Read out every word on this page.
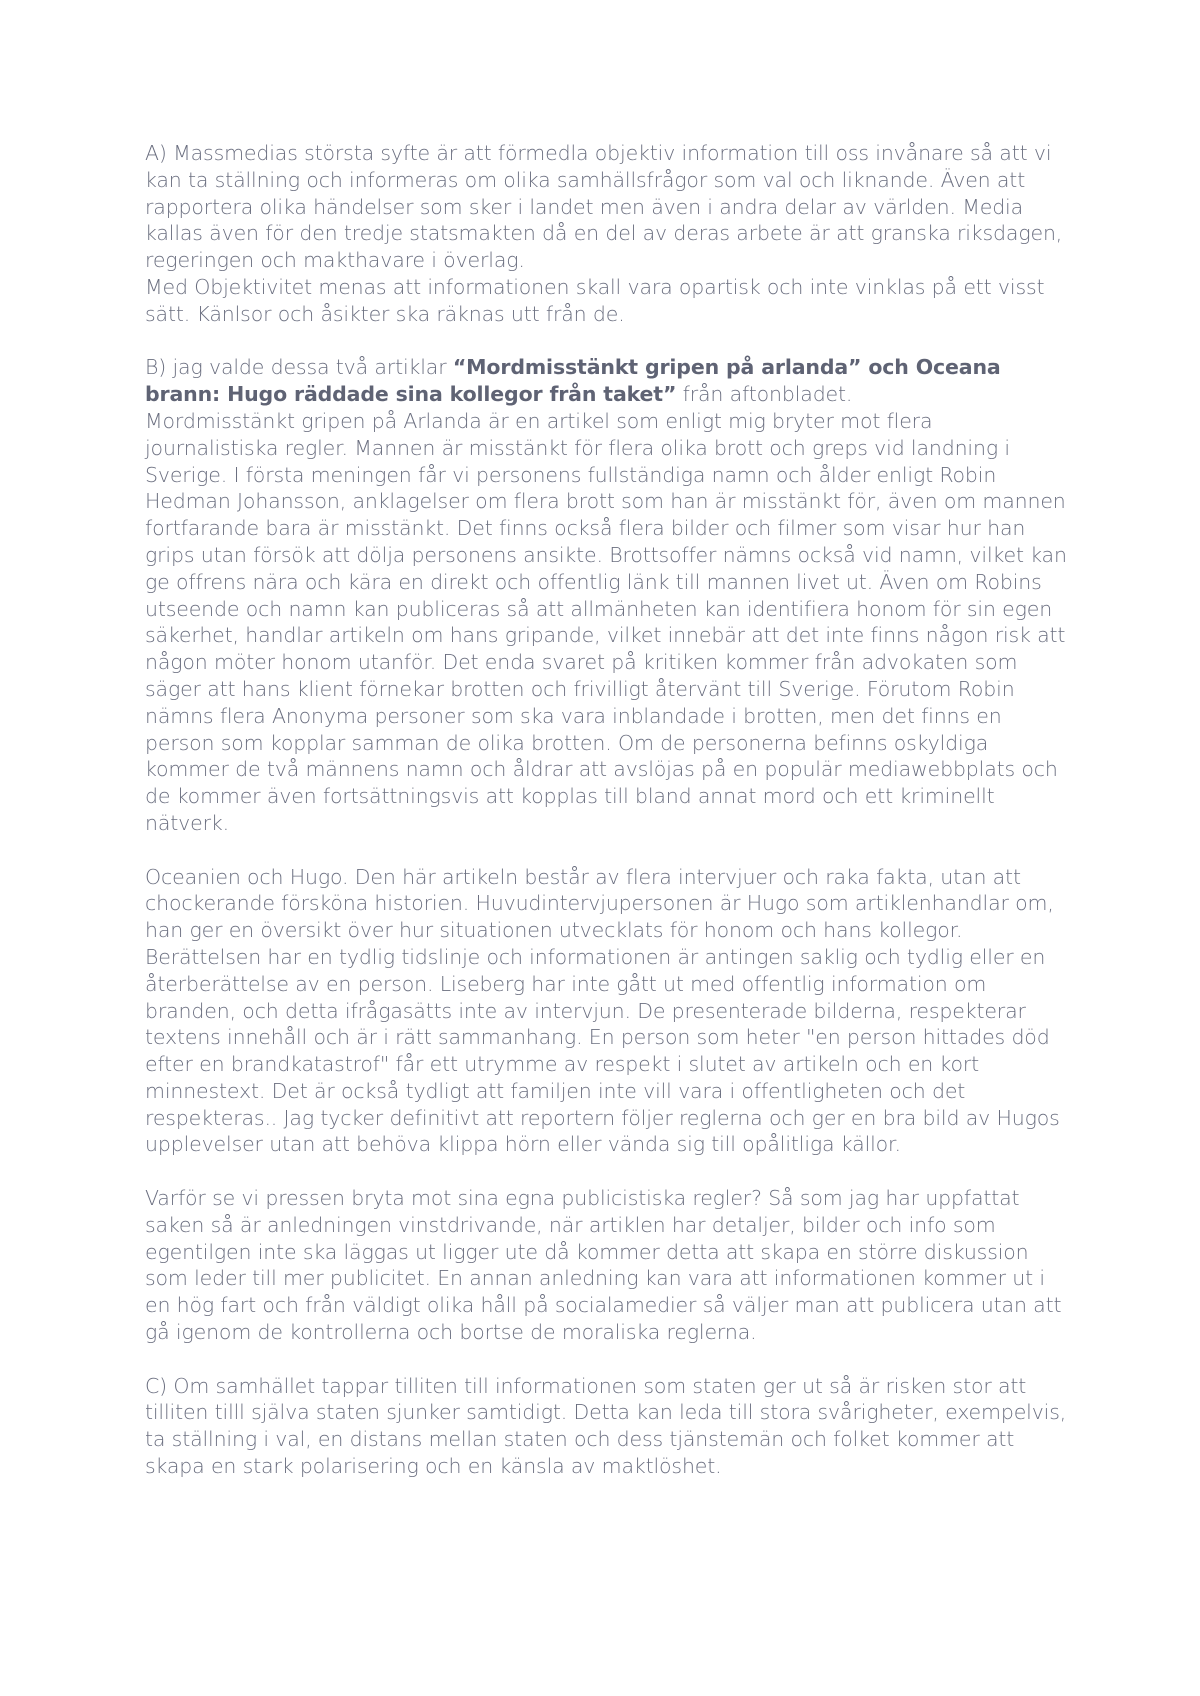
A) Massmedias största syfte är att förmedla objektiv information till oss invånare så att vi kan ta ställning och informeras om olika samhällsfrågor som val och liknande. Även att rapportera olika händelser som sker i landet men även i andra delar av världen. Media kallas även för den tredje statsmakten då en del av deras arbete är att granska riksdagen, regeringen och makthavare i överlag.

Med Objektivitet menas att informationen skall vara opartisk och inte vinklas på ett visst sätt. Känlsor och åsikter ska räknas utt från de.

B) jag valde dessa två artiklar “Mordmisstänkt gripen på arlanda” och Oceana brann: Hugo räddade sina kollegor från taket” från aftonbladet.

Mordmisstänkt gripen på Arlanda är en artikel som enligt mig bryter mot flera journalistiska regler. Mannen är misstänkt för flera olika brott och greps vid landning i Sverige. I första meningen får vi personens fullständiga namn och ålder enligt Robin Hedman Johansson, anklagelser om flera brott som han är misstänkt för, även om mannen fortfarande bara är misstänkt. Det finns också flera bilder och filmer som visar hur han grips utan försök att dölja personens ansikte. Brottsoffer nämns också vid namn, vilket kan ge offrens nära och kära en direkt och offentlig länk till mannen livet ut. Även om Robins utseende och namn kan publiceras så att allmänheten kan identifiera honom för sin egen säkerhet, handlar artikeln om hans gripande, vilket innebär att det inte finns någon risk att någon möter honom utanför. Det enda svaret på kritiken kommer från advokaten som säger att hans klient förnekar brotten och frivilligt återvänt till Sverige. Förutom Robin nämns flera Anonyma personer som ska vara inblandade i brotten, men det finns en person som kopplar samman de olika brotten. Om de personerna befinns oskyldiga kommer de två männens namn och åldrar att avslöjas på en populär mediawebbplats och de kommer även fortsättningsvis att kopplas till bland annat mord och ett kriminellt nätverk.

Oceanien och Hugo. Den här artikeln består av flera intervjuer och raka fakta, utan att chockerande försköna historien. Huvudintervjupersonen är Hugo som artiklenhandlar om, han ger en översikt över hur situationen utvecklats för honom och hans kollegor.

Berättelsen har en tydlig tidslinje och informationen är antingen saklig och tydlig eller en återberättelse av en person. Liseberg har inte gått ut med offentlig information om branden, och detta ifrågasätts inte av intervjun. De presenterade bilderna, respekterar textens innehåll och är i rätt sammanhang. En person som heter "en person hittades död efter en brandkatastrof" får ett utrymme av respekt i slutet av artikeln och en kort minnestext. Det är också tydligt att familjen inte vill vara i offentligheten och det respekteras.. Jag tycker definitivt att reportern följer reglerna och ger en bra bild av Hugos upplevelser utan att behöva klippa hörn eller vända sig till opålitliga källor.

Varför se vi pressen bryta mot sina egna publicistiska regler? Så som jag har uppfattat saken så är anledningen vinstdrivande, när artiklen har detaljer, bilder och info som egentilgen inte ska läggas ut ligger ute då kommer detta att skapa en större diskussion som leder till mer publicitet. En annan anledning kan vara att informationen kommer ut i en hög fart och från väldigt olika håll på socialamedier så väljer man att publicera utan att gå igenom de kontrollerna och bortse de moraliska reglerna.

C) Om samhället tappar tilliten till informationen som staten ger ut så är risken stor att tilliten tilll själva staten sjunker samtidigt. Detta kan leda till stora svårigheter, exempelvis, ta ställning i val, en distans mellan staten och dess tjänstemän och folket kommer att skapa en stark polarisering och en känsla av maktlöshet.
